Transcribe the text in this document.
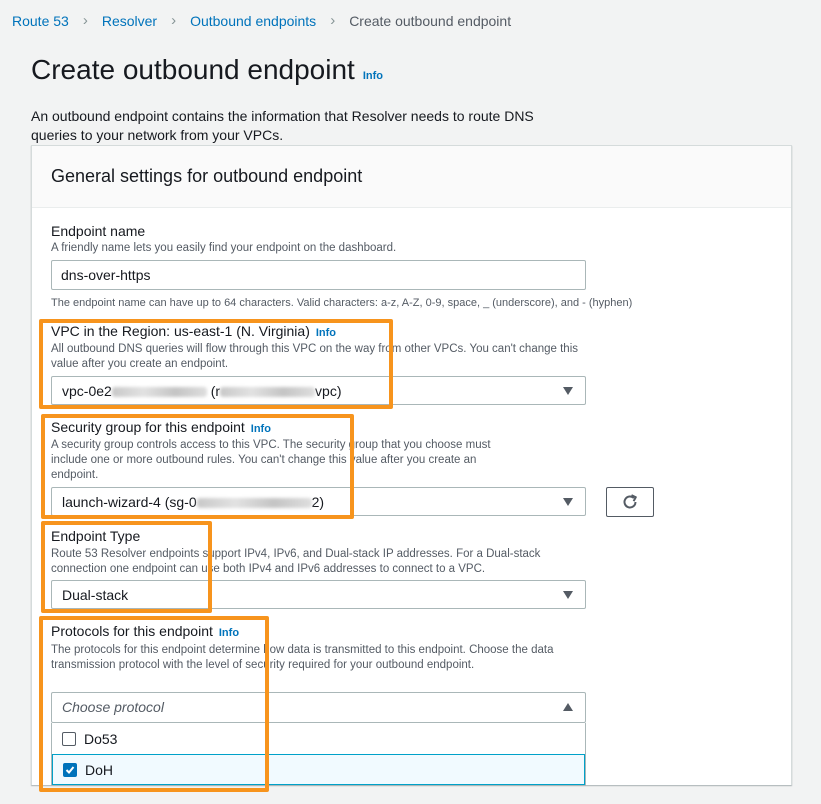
Route 53 › Resolver › Outbound endpoints › Create outbound endpoint
Create outbound endpoint Info

An outbound endpoint contains the information that Resolver needs to route DNS queries to your network from your VPCs.

General settings for outbound endpoint
Endpoint name
A friendly name lets you easily find your endpoint on the dashboard.
dns-over-https
The endpoint name can have up to 64 characters. Valid characters: a-z, A-Z, 0-9, space, _ (underscore), and - (hyphen)
VPC in the Region: us-east-1 (N. Virginia) Info
All outbound DNS queries will flow through this VPC on the way from other VPCs. You can't change this value after you create an endpoint.
vpc-0e2	(r	vpc)
Security group for this endpoint Info
A security group controls access to this VPC. The security group that you choose must include one or more outbound rules. You can't change this value after you create an endpoint.
launch-wizard-4 (sg-0	2)
Endpoint Type
Route 53 Resolver endpoints support IPv4, IPv6, and Dual-stack IP addresses. For a Dual-stack connection one endpoint can use both IPv4 and IPv6 addresses to connect to a VPC.
Dual-stack
Protocols for this endpoint Info
The protocols for this endpoint determine how data is transmitted to this endpoint. Choose the data transmission protocol with the level of security required for your outbound endpoint.
Choose protocol
Do53
DoH
